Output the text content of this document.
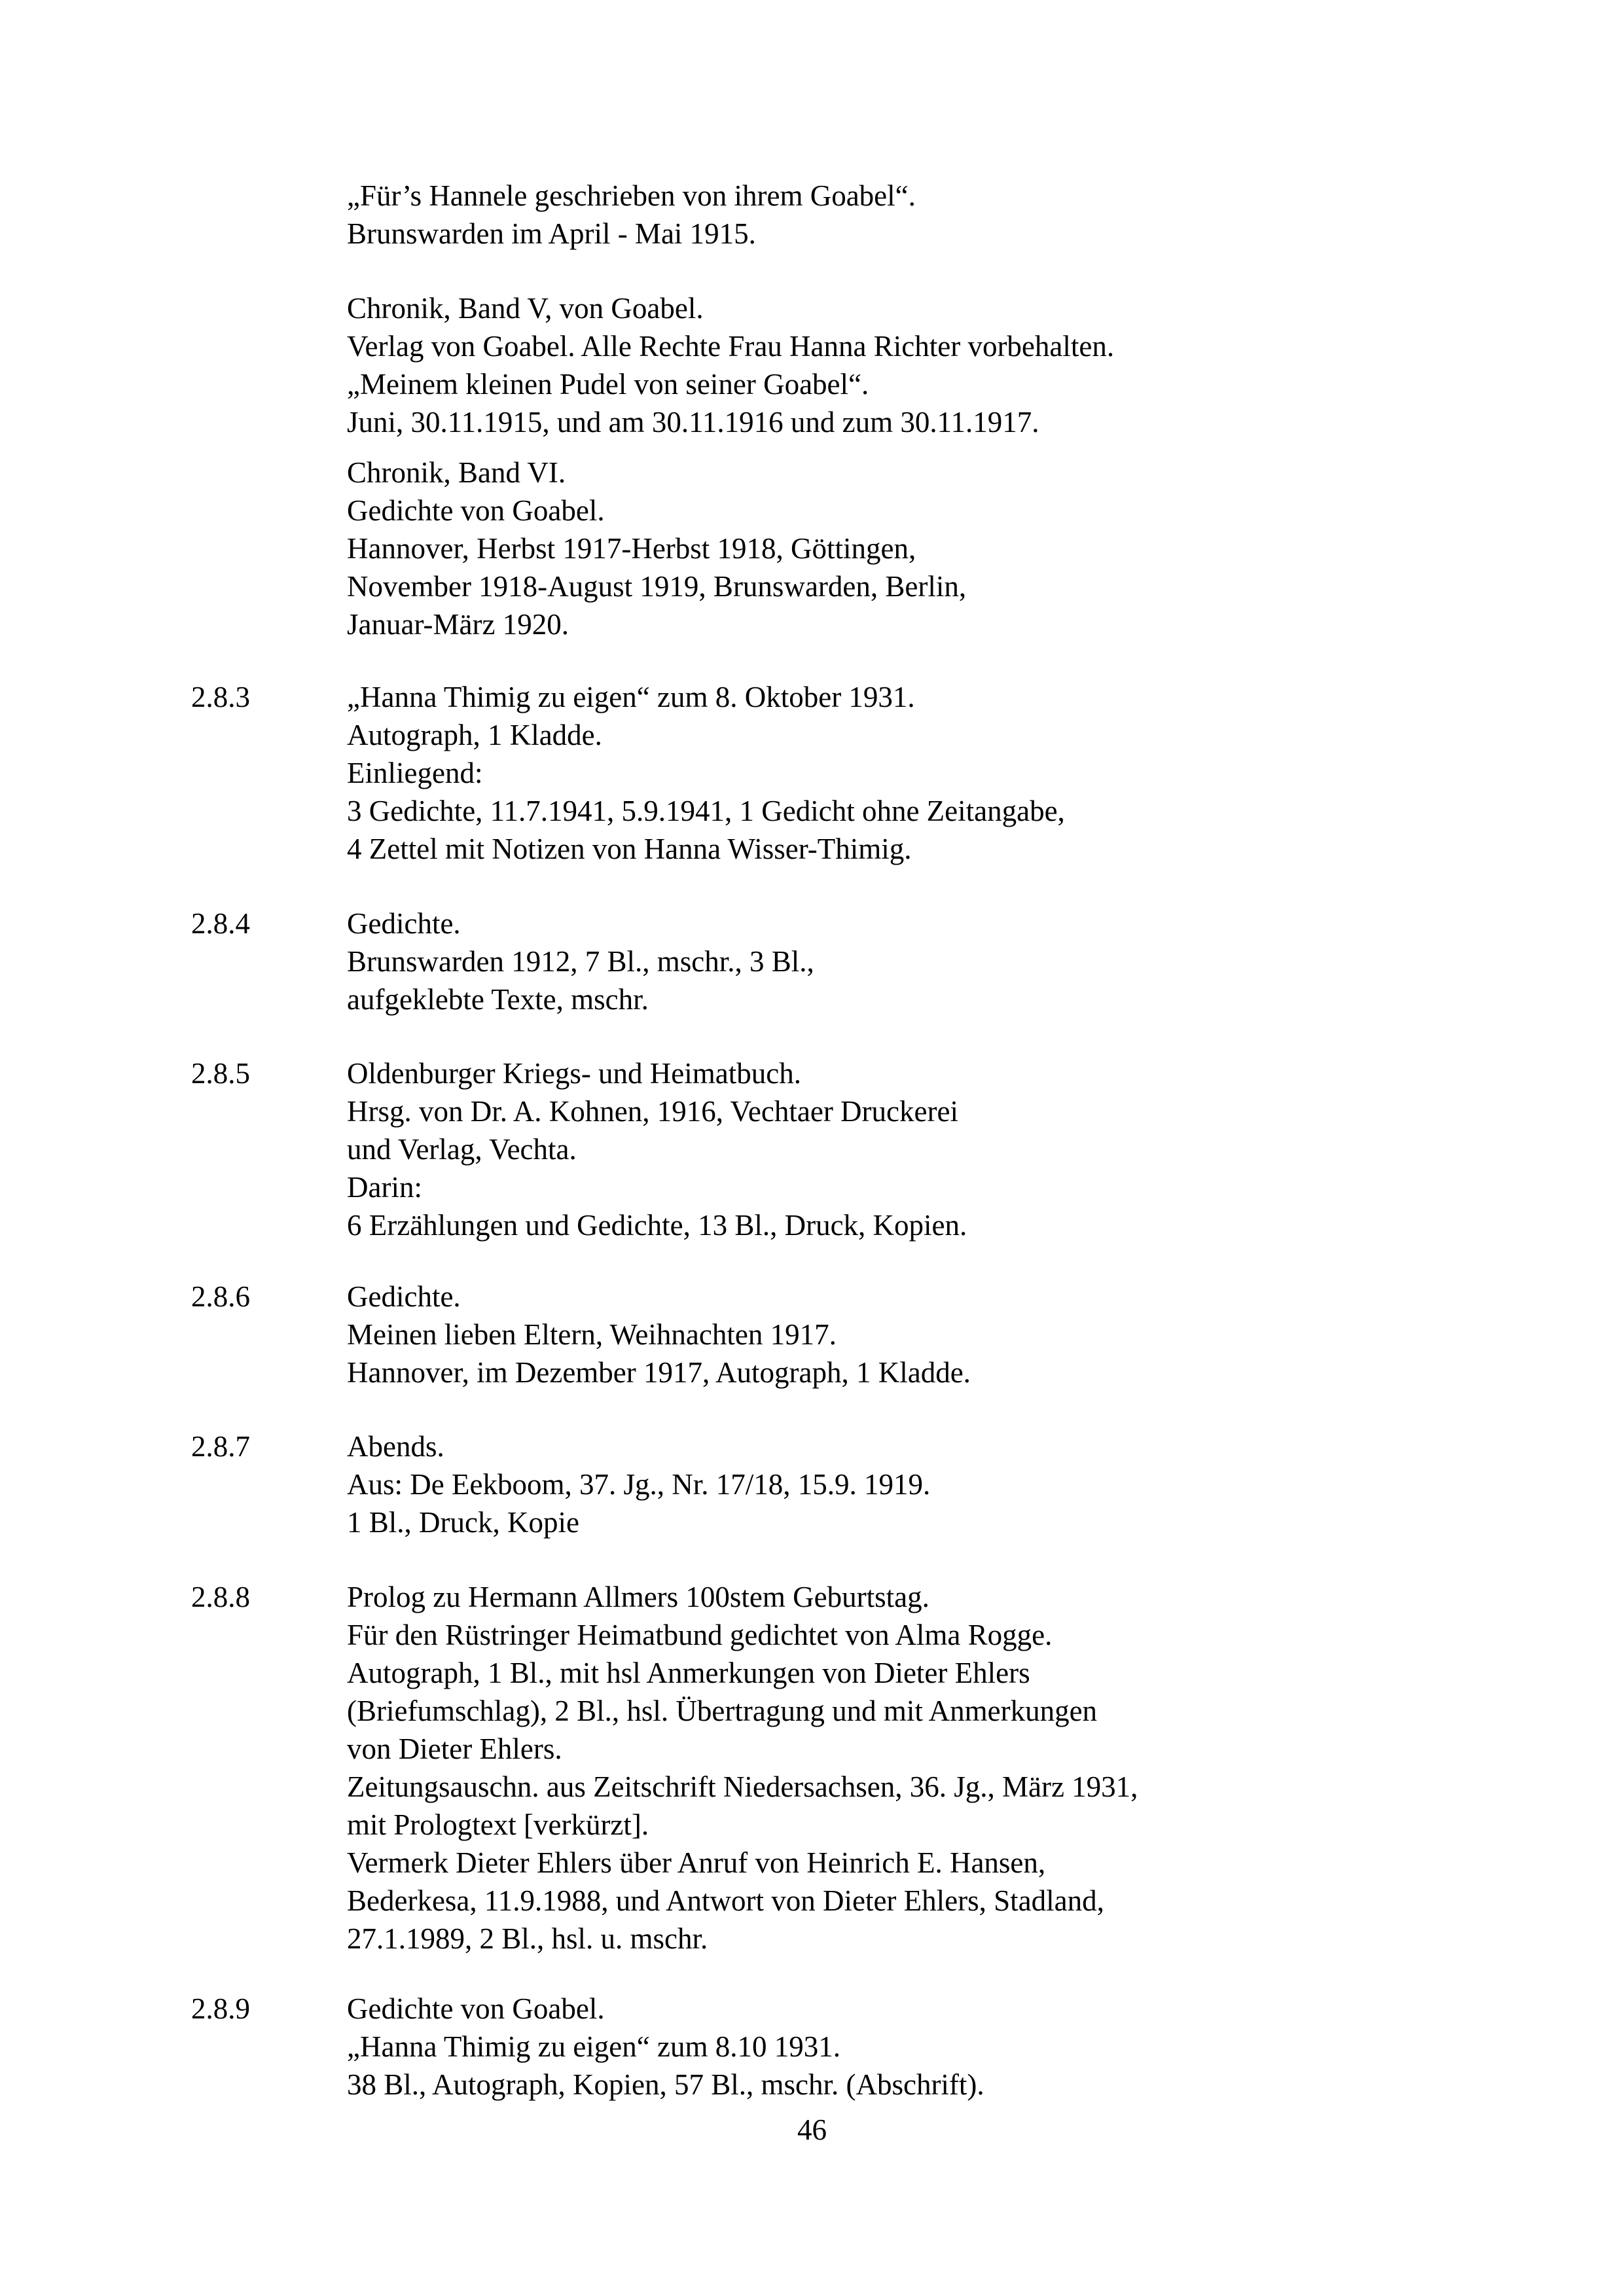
„Für’s Hannele geschrieben von ihrem Goabel“.
Brunswarden im April - Mai 1915.
Chronik, Band V, von Goabel.
Verlag von Goabel. Alle Rechte Frau Hanna Richter vorbehalten.
„Meinem kleinen Pudel von seiner Goabel“.
Juni, 30.11.1915, und am 30.11.1916 und zum 30.11.1917.
Chronik, Band VI.
Gedichte von Goabel.
Hannover, Herbst 1917-Herbst 1918, Göttingen,
November 1918-August 1919, Brunswarden, Berlin,
Januar-März 1920.
2.8.3	„Hanna Thimig zu eigen“ zum 8. Oktober 1931.
Autograph, 1 Kladde.
Einliegend:
3 Gedichte, 11.7.1941, 5.9.1941, 1 Gedicht ohne Zeitangabe,
4 Zettel mit Notizen von Hanna Wisser-Thimig.
2.8.4	Gedichte.
Brunswarden 1912, 7 Bl., mschr., 3 Bl.,
aufgeklebte Texte, mschr.
2.8.5	Oldenburger Kriegs- und Heimatbuch.
Hrsg. von Dr. A. Kohnen, 1916, Vechtaer Druckerei
und Verlag, Vechta.
Darin:
6 Erzählungen und Gedichte, 13 Bl., Druck, Kopien.
2.8.6	Gedichte.
Meinen lieben Eltern, Weihnachten 1917.
Hannover, im Dezember 1917, Autograph, 1 Kladde.
2.8.7	Abends.
Aus: De Eekboom, 37. Jg., Nr. 17/18, 15.9. 1919.
1 Bl., Druck, Kopie
2.8.8	Prolog zu Hermann Allmers 100stem Geburtstag.
Für den Rüstringer Heimatbund gedichtet von Alma Rogge.
Autograph, 1 Bl., mit hsl Anmerkungen von Dieter Ehlers
(Briefumschlag), 2 Bl., hsl. Übertragung und mit Anmerkungen
von Dieter Ehlers.
Zeitungsauschn. aus Zeitschrift Niedersachsen, 36. Jg., März 1931,
mit Prologtext [verkürzt].
Vermerk Dieter Ehlers über Anruf von Heinrich E. Hansen,
Bederkesa, 11.9.1988, und Antwort von Dieter Ehlers, Stadland,
27.1.1989, 2 Bl., hsl. u. mschr.
2.8.9	Gedichte von Goabel.
„Hanna Thimig zu eigen“ zum 8.10 1931.
38 Bl., Autograph, Kopien, 57 Bl., mschr. (Abschrift).
46
